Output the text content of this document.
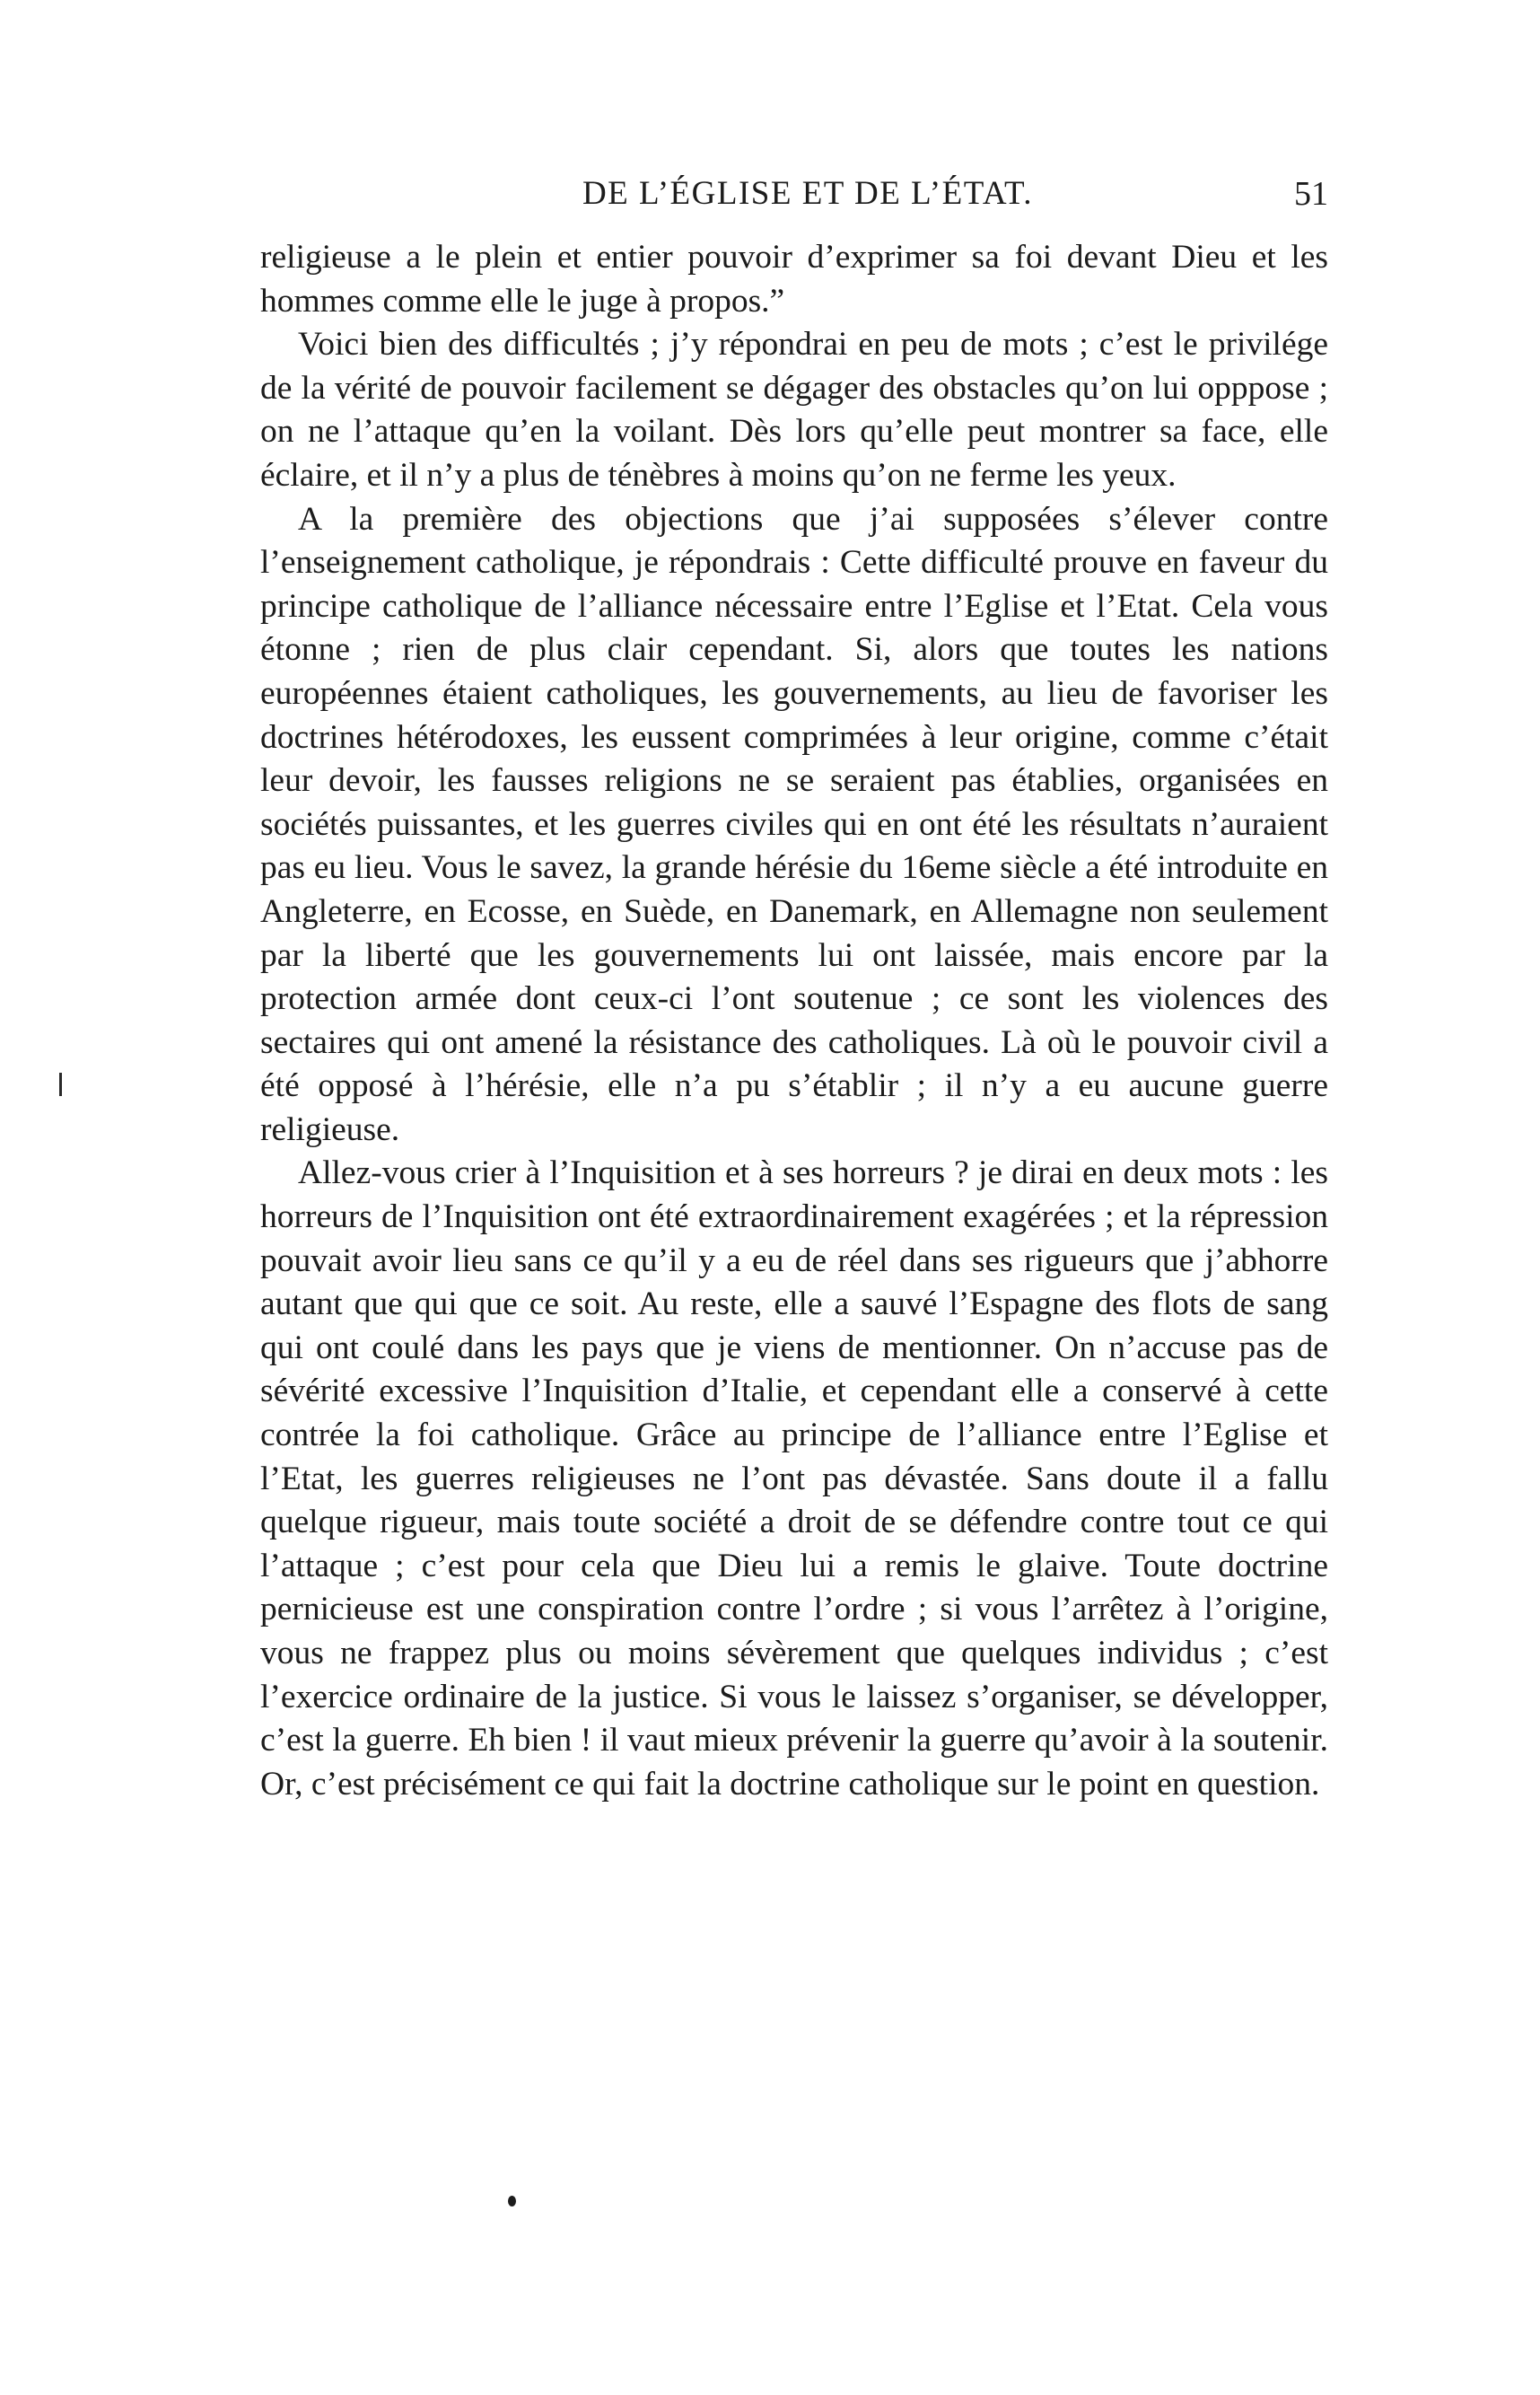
DE L’ÉGLISE ET DE L’ÉTAT.	51

religieuse a le plein et entier pouvoir d’exprimer sa foi devant Dieu et les hommes comme elle le juge à propos.”

Voici bien des difficultés ; j’y répondrai en peu de mots ; c’est le privilége de la vérité de pouvoir facilement se dégager des obstacles qu’on lui opppose ; on ne l’attaque qu’en la voilant. Dès lors qu’elle peut montrer sa face, elle éclaire, et il n’y a plus de ténèbres à moins qu’on ne ferme les yeux.

A la première des objections que j’ai supposées s’élever contre l’enseignement catholique, je répondrais : Cette difficulté prouve en faveur du principe catholique de l’alliance nécessaire entre l’Eglise et l’Etat. Cela vous étonne ; rien de plus clair cependant. Si, alors que toutes les nations européennes étaient catholiques, les gouvernements, au lieu de favoriser les doctrines hétérodoxes, les eussent comprimées à leur origine, comme c’était leur devoir, les fausses religions ne se seraient pas établies, organisées en sociétés puissantes, et les guerres civiles qui en ont été les résultats n’auraient pas eu lieu. Vous le savez, la grande hérésie du 16eme siècle a été introduite en Angleterre, en Ecosse, en Suède, en Danemark, en Allemagne non seulement par la liberté que les gouvernements lui ont laissée, mais encore par la protection armée dont ceux-ci l’ont soutenue ; ce sont les violences des sectaires qui ont amené la résistance des catholiques. Là où le pouvoir civil a été opposé à l’hérésie, elle n’a pu s’établir ; il n’y a eu aucune guerre religieuse.

Allez-vous crier à l’Inquisition et à ses horreurs ? je dirai en deux mots : les horreurs de l’Inquisition ont été extraordinairement exagérées ; et la répression pouvait avoir lieu sans ce qu’il y a eu de réel dans ses rigueurs que j’abhorre autant que qui que ce soit. Au reste, elle a sauvé l’Espagne des flots de sang qui ont coulé dans les pays que je viens de mentionner. On n’accuse pas de sévérité excessive l’Inquisition d’Italie, et cependant elle a conservé à cette contrée la foi catholique. Grâce au principe de l’alliance entre l’Eglise et l’Etat, les guerres religieuses ne l’ont pas dévastée. Sans doute il a fallu quelque rigueur, mais toute société a droit de se défendre contre tout ce qui l’attaque ; c’est pour cela que Dieu lui a remis le glaive. Toute doctrine pernicieuse est une conspiration contre l’ordre ; si vous l’arrêtez à l’origine, vous ne frappez plus ou moins sévèrement que quelques individus ; c’est l’exercice ordinaire de la justice. Si vous le laissez s’organiser, se développer, c’est la guerre. Eh bien ! il vaut mieux prévenir la guerre qu’avoir à la soutenir. Or, c’est précisément ce qui fait la doctrine catholique sur le point en question.
